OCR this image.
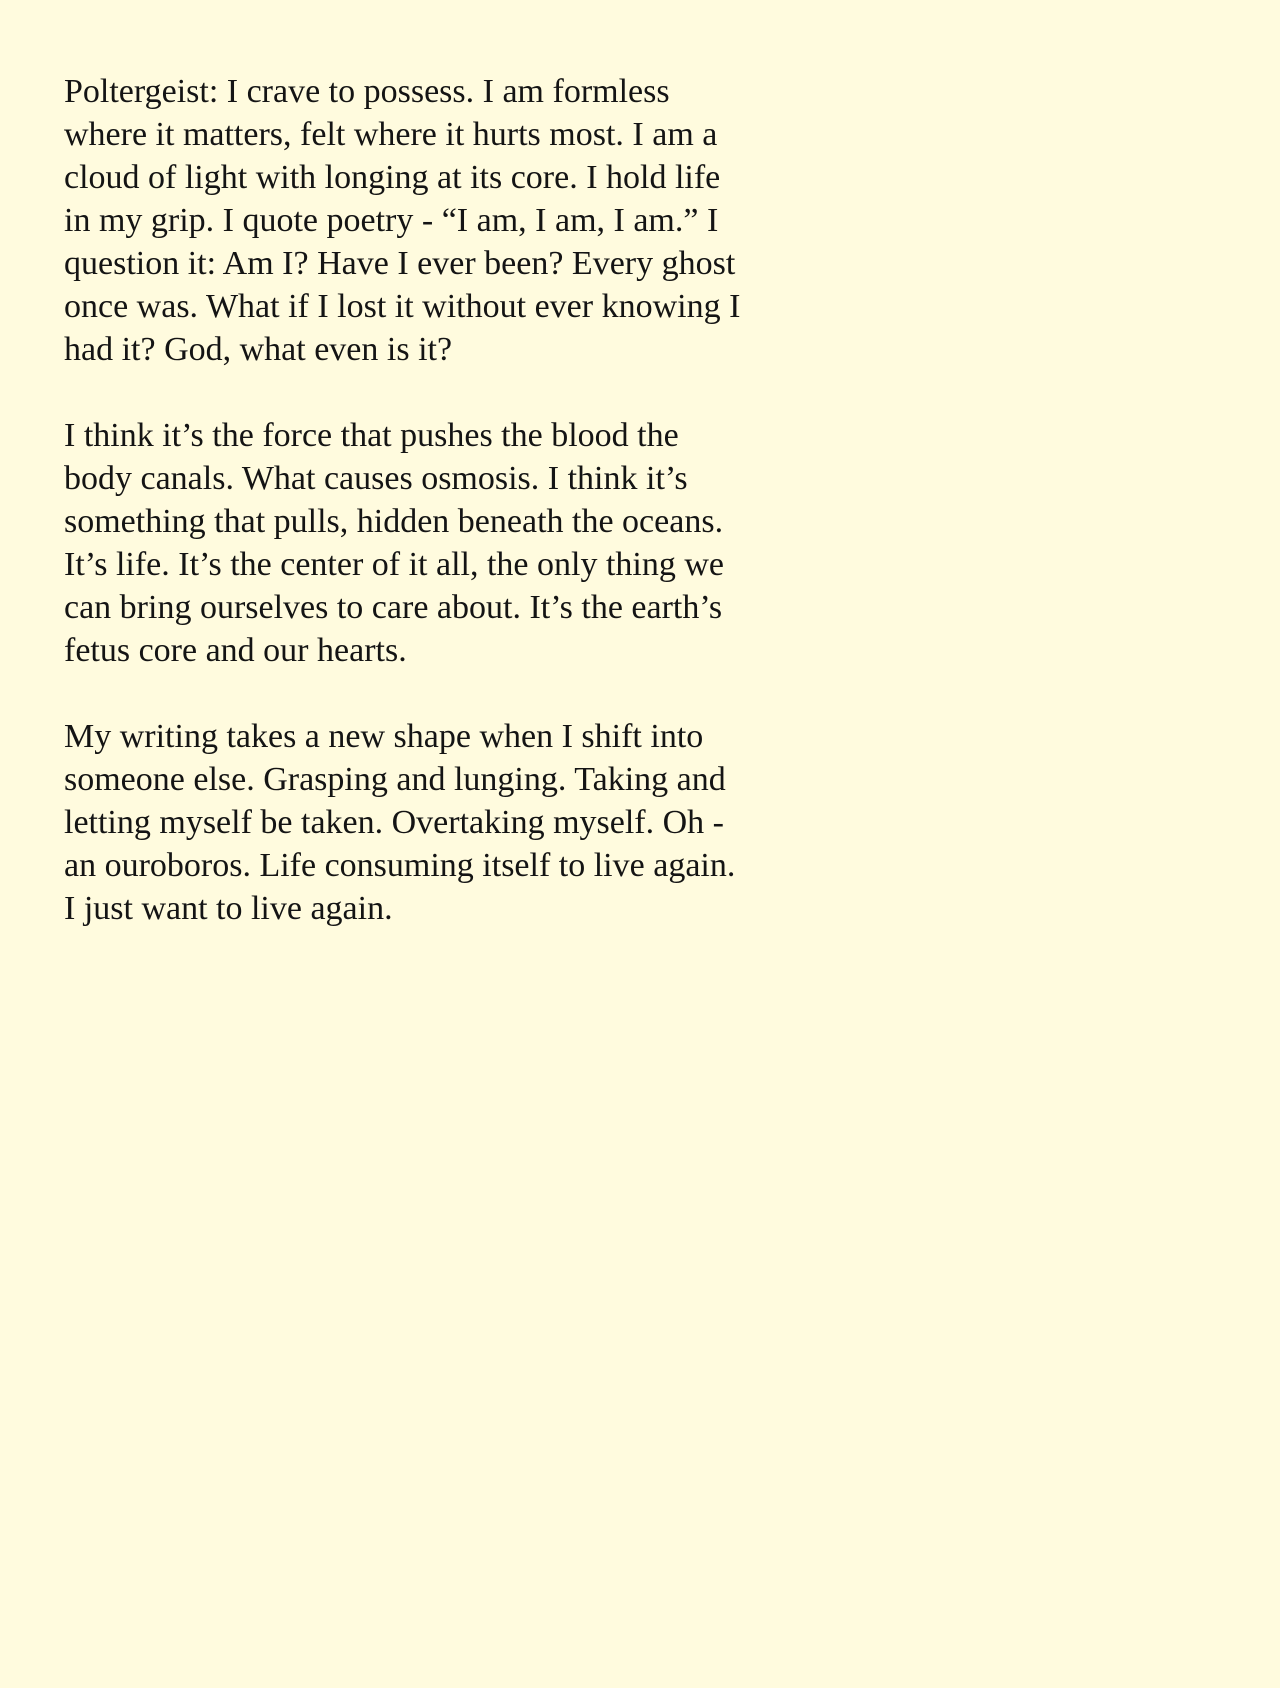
Poltergeist: I crave to possess. I am formless
where it matters, felt where it hurts most. I am a
cloud of light with longing at its core. I hold life
in my grip. I quote poetry - “I am, I am, I am.” I
question it: Am I? Have I ever been? Every ghost
once was. What if I lost it without ever knowing I
had it? God, what even is it?

I think it’s the force that pushes the blood the
body canals. What causes osmosis. I think it’s
something that pulls, hidden beneath the oceans.
It’s life. It’s the center of it all, the only thing we
can bring ourselves to care about. It’s the earth’s
fetus core and our hearts.

My writing takes a new shape when I shift into
someone else. Grasping and lunging. Taking and
letting myself be taken. Overtaking myself. Oh -
an ouroboros. Life consuming itself to live again.
I just want to live again.
